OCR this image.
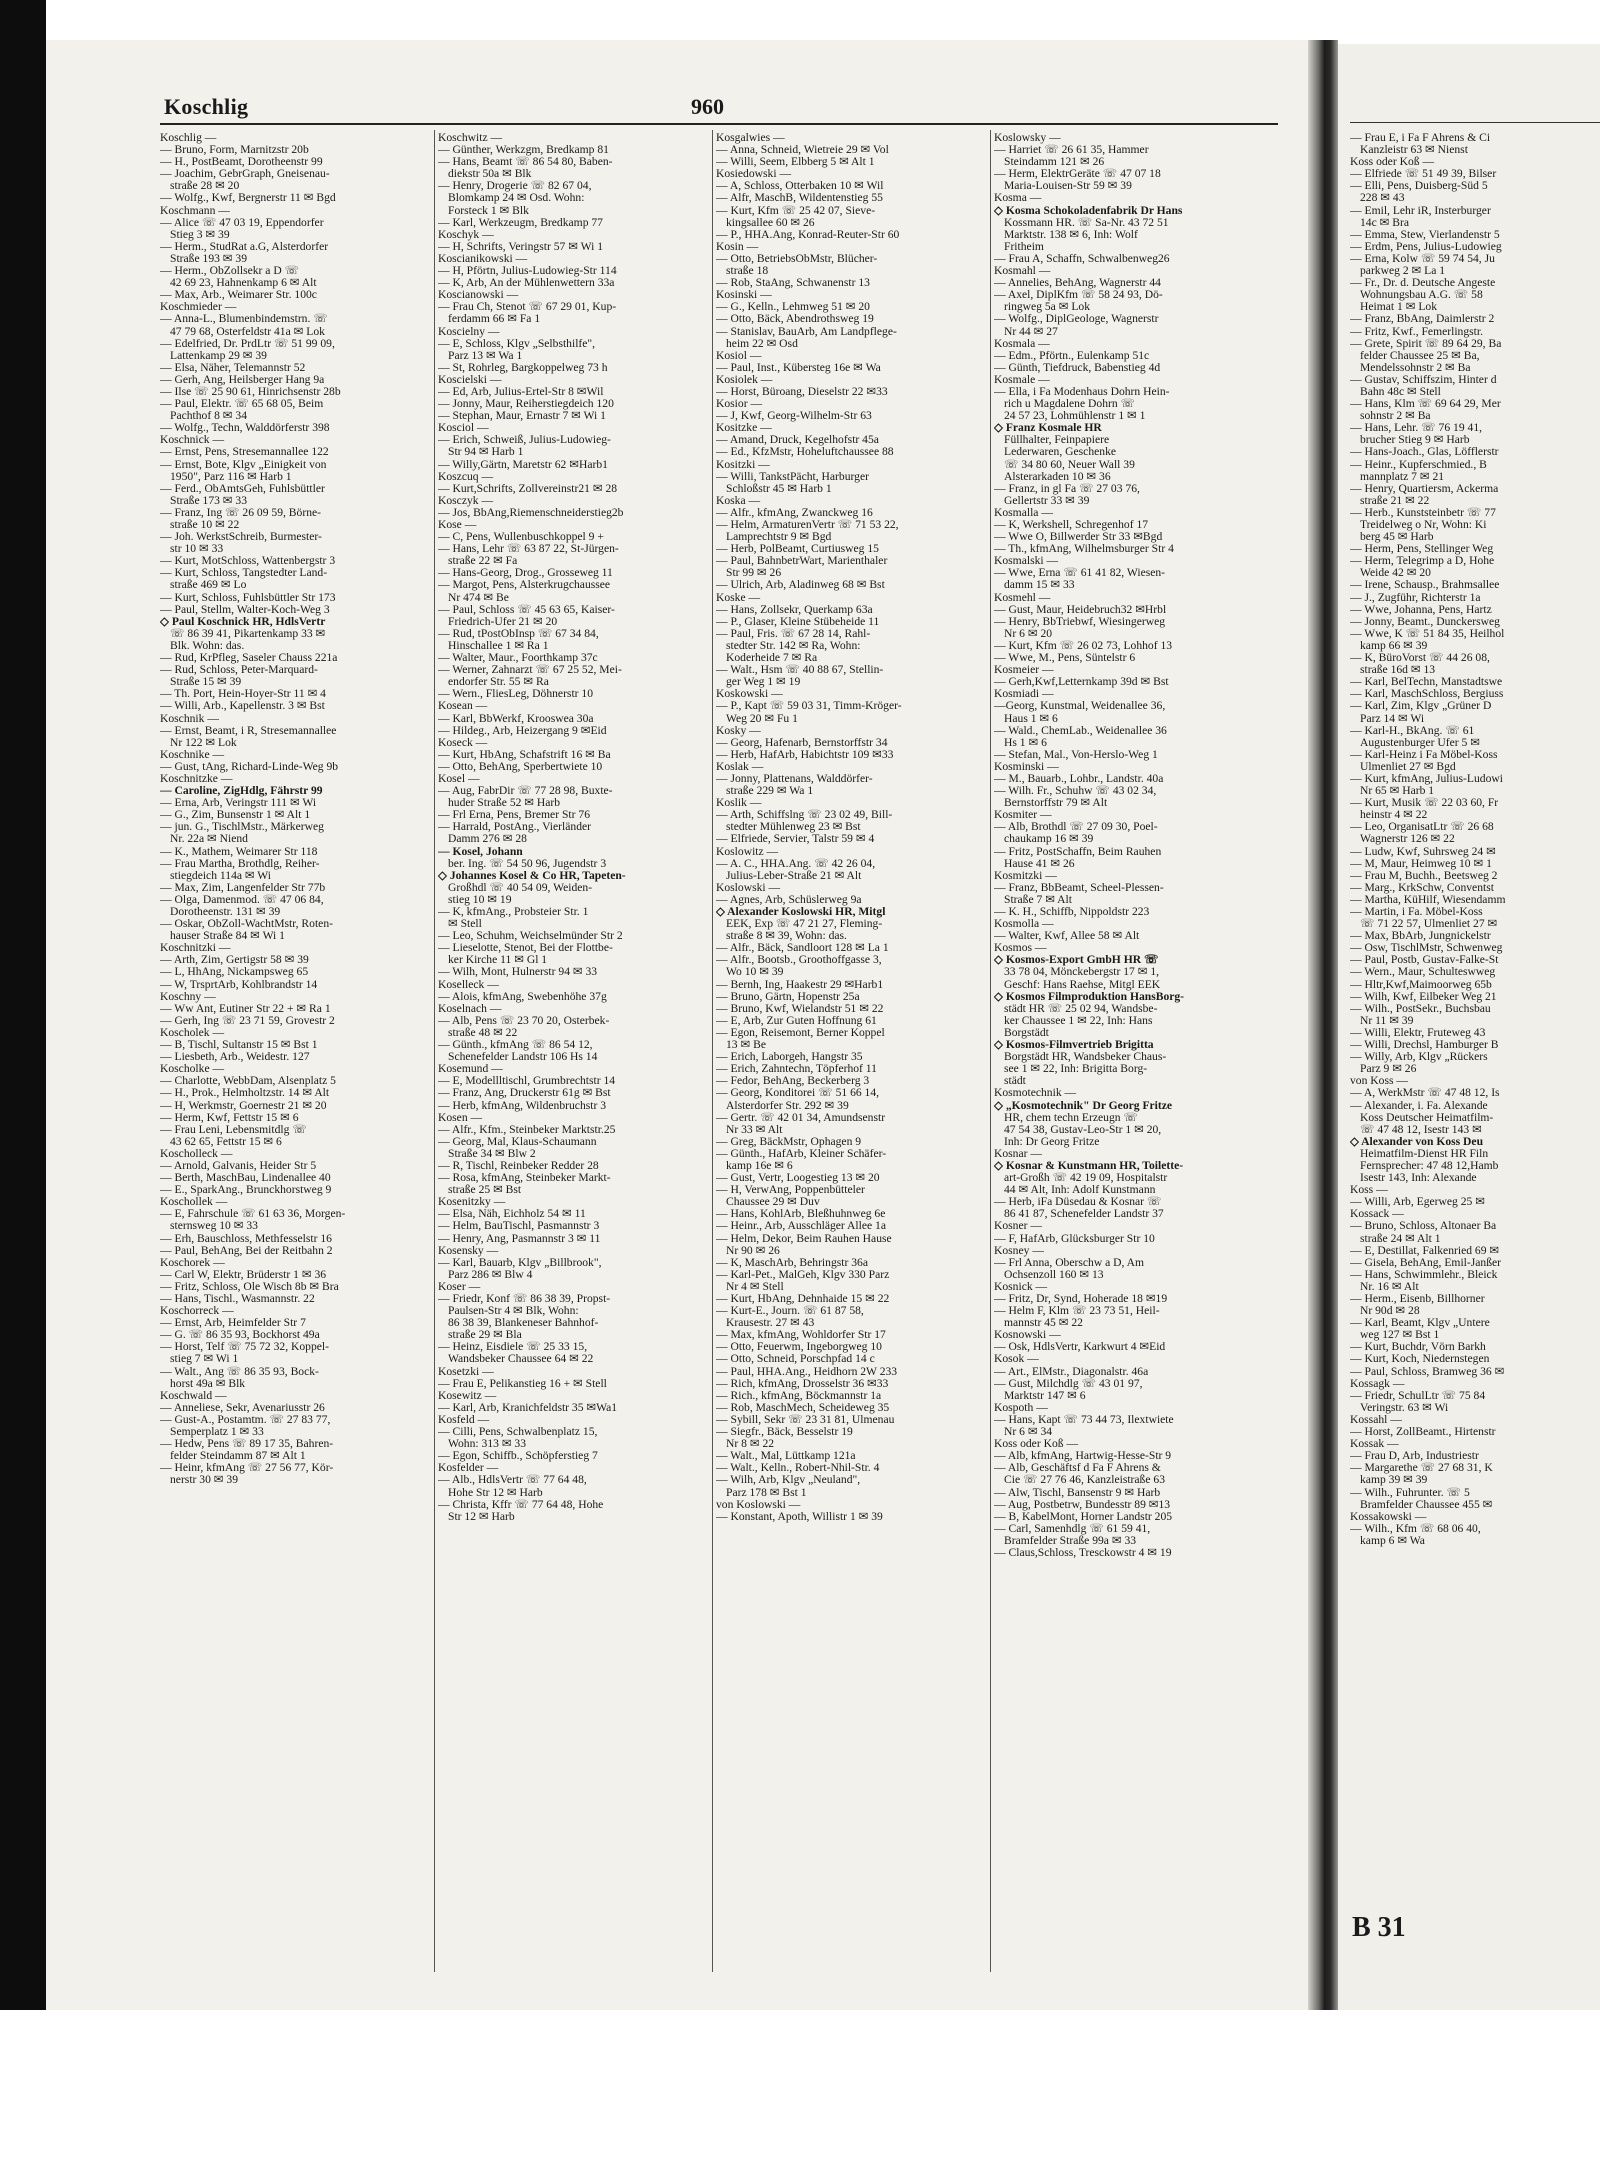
Koschlig	960
Koschlig —
— Bruno, Form, Marnitzstr 20b
— H., PostBeamt, Dorotheenstr 99
— Joachim, GebrGraph, Gneisenau-
straße 28 ✉ 20
— Wolfg., Kwf, Bergnerstr 11 ✉ Bgd
Koschmann —
— Alice ☏ 47 03 19, Eppendorfer
Stieg 3 ✉ 39
— Herm., StudRat a.G, Alsterdorfer
Straße 193 ✉ 39
— Herm., ObZollsekr a D ☏
42 69 23, Hahnenkamp 6 ✉ Alt
— Max, Arb., Weimarer Str. 100c
Koschmieder —
— Anna-L., Blumenbindemstrn. ☏
47 79 68, Osterfeldstr 41a ✉ Lok
— Edelfried, Dr. PrdLtr ☏ 51 99 09,
Lattenkamp 29 ✉ 39
— Elsa, Näher, Telemannstr 52
— Gerh, Ang, Heilsberger Hang 9a
— Ilse ☏ 25 90 61, Hinrichsenstr 28b
— Paul, Elektr. ☏ 65 68 05, Beim
Pachthof 8 ✉ 34
— Wolfg., Techn, Walddörferstr 398
Koschnick —
— Ernst, Pens, Stresemannallee 122
— Ernst, Bote, Klgv „Einigkeit von
1950", Parz 116 ✉ Harb 1
— Ferd., ObAmtsGeh, Fuhlsbüttler
Straße 173 ✉ 33
— Franz, Ing ☏ 26 09 59, Börne-
straße 10 ✉ 22
— Joh. WerkstSchreib, Burmester-
str 10 ✉ 33
— Kurt, MotSchloss, Wattenbergstr 3
— Kurt, Schloss, Tangstedter Land-
straße 469 ✉ Lo
— Kurt, Schloss, Fuhlsbüttler Str 173
— Paul, Stellm, Walter-Koch-Weg 3
◇ Paul Koschnick HR, HdlsVertr
☏ 86 39 41, Pikartenkamp 33 ✉
Blk. Wohn: das.
— Rud, KrPfleg, Saseler Chauss 221a
— Rud, Schloss, Peter-Marquard-
Straße 15 ✉ 39
— Th. Port, Hein-Hoyer-Str 11 ✉ 4
— Willi, Arb., Kapellenstr. 3 ✉ Bst
Koschnik —
— Ernst, Beamt, i R, Stresemannallee
Nr 122 ✉ Lok
Koschnike —
— Gust, tAng, Richard-Linde-Weg 9b
Koschnitzke —
— Caroline, ZigHdlg, Fährstr 99
— Erna, Arb, Veringstr 111 ✉ Wi
— G., Zim, Bunsenstr 1 ✉ Alt 1
— jun. G., TischlMstr., Märkerweg
Nr. 22a ✉ Niend
— K., Mathem, Weimarer Str 118
— Frau Martha, Brothdlg, Reiher-
stiegdeich 114a ✉ Wi
— Max, Zim, Langenfelder Str 77b
— Olga, Damenmod. ☏ 47 06 84,
Dorotheenstr. 131 ✉ 39
— Oskar, ObZoll-WachtMstr, Roten-
hauser Straße 84 ✉ Wi 1
Koschnitzki —
— Arth, Zim, Gertigstr 58 ✉ 39
— L, HhAng, Nickampsweg 65
— W, TrsprtArb, Kohlbrandstr 14
Koschny —
— Ww Ant, Eutiner Str 22 + ✉ Ra 1
— Gerh, Ing ☏ 23 71 59, Grovestr 2
Koscholek —
— B, Tischl, Sultanstr 15 ✉ Bst 1
— Liesbeth, Arb., Weidestr. 127
Koscholke —
— Charlotte, WebbDam, Alsenplatz 5
— H., Prok., Helmholtzstr. 14 ✉ Alt
— H, Werkmstr, Goernestr 21 ✉ 20
— Herm, Kwf, Fettstr 15 ✉ 6
— Frau Leni, Lebensmitdlg ☏
43 62 65, Fettstr 15 ✉ 6
Koscholleck —
— Arnold, Galvanis, Heider Str 5
— Berth, MaschBau, Lindenallee 40
— E., SparkAng., Brunckhorstweg 9
Koschollek —
— E, Fahrschule ☏ 61 63 36, Morgen-
sternsweg 10 ✉ 33
— Erh, Bauschloss, Methfesselstr 16
— Paul, BehAng, Bei der Reitbahn 2
Koschorek —
— Carl W, Elektr, Brüderstr 1 ✉ 36
— Fritz, Schloss, Ole Wisch 8b ✉ Bra
— Hans, Tischl., Wasmannstr. 22
Koschorreck —
— Ernst, Arb, Heimfelder Str 7
— G. ☏ 86 35 93, Bockhorst 49a
— Horst, Telf ☏ 75 72 32, Koppel-
stieg 7 ✉ Wi 1
— Walt., Ang ☏ 86 35 93, Bock-
horst 49a ✉ Blk
Koschwald —
— Anneliese, Sekr, Avenariusstr 26
— Gust-A., Postamtm. ☏ 27 83 77,
Semperplatz 1 ✉ 33
— Hedw, Pens ☏ 89 17 35, Bahren-
felder Steindamm 87 ✉ Alt 1
— Heinr, kfmAng ☏ 27 56 77, Kör-
nerstr 30 ✉ 39
Koschwitz —
— Günther, Werkzgm, Bredkamp 81
— Hans, Beamt ☏ 86 54 80, Baben-
diekstr 50a ✉ Blk
— Henry, Drogerie ☏ 82 67 04,
Blomkamp 24 ✉ Osd. Wohn:
Forsteck 1 ✉ Blk
— Karl, Werkzeugm, Bredkamp 77
Koschyk —
— H, Schrifts, Veringstr 57 ✉ Wi 1
Koscianikowski —
— H, Pförtn, Julius-Ludowieg-Str 114
— K, Arb, An der Mühlenwettern 33a
Koscianowski —
— Frau Ch, Stenot ☏ 67 29 01, Kup-
ferdamm 66 ✉ Fa 1
Koscielny —
— E, Schloss, Klgv „Selbsthilfe",
Parz 13 ✉ Wa 1
— St, Rohrleg, Bargkoppelweg 73 h
Koscielski —
— Ed, Arb, Julius-Ertel-Str 8 ✉Wil
— Jonny, Maur, Reiherstiegdeich 120
— Stephan, Maur, Ernastr 7 ✉ Wi 1
Kosciol —
— Erich, Schweiß, Julius-Ludowieg-
Str 94 ✉ Harb 1
— Willy,Gärtn, Maretstr 62 ✉Harb1
Koszcuq —
— Kurt,Schrifts, Zollvereinstr21 ✉ 28
Kosczyk —
— Jos, BbAng,Riemenschneiderstieg2b
Kose —
— C, Pens, Wullenbuschkoppel 9 +
— Hans, Lehr ☏ 63 87 22, St-Jürgen-
straße 22 ✉ Fa
— Hans-Georg, Drog., Grosseweg 11
— Margot, Pens, Alsterkrugchaussee
Nr 474 ✉ Be
— Paul, Schloss ☏ 45 63 65, Kaiser-
Friedrich-Ufer 21 ✉ 20
— Rud, tPostObInsp ☏ 67 34 84,
Hinschallee 1 ✉ Ra 1
— Walter, Maur., Foorthkamp 37c
— Werner, Zahnarzt ☏ 67 25 52, Mei-
endorfer Str. 55 ✉ Ra
— Wern., FliesLeg, Döhnerstr 10
Kosean —
— Karl, BbWerkf, Krooswea 30a
— Hildeg., Arb, Heizergang 9 ✉Eid
Koseck —
— Kurt, HbAng, Schafstrift 16 ✉ Ba
— Otto, BehAng, Sperbertwiete 10
Kosel —
— Aug, FabrDir ☏ 77 28 98, Buxte-
huder Straße 52 ✉ Harb
— Frl Erna, Pens, Bremer Str 76
— Harrald, PostAng., Vierländer
Damm 276 ✉ 28
— Kosel, Johann
ber. Ing. ☏ 54 50 96, Jugendstr 3
◇ Johannes Kosel & Co HR, Tapeten-
Großhdl ☏ 40 54 09, Weiden-
stieg 10 ✉ 19
— K, kfmAng., Probsteier Str. 1
✉ Stell
— Leo, Schuhm, Weichselmünder Str 2
— Lieselotte, Stenot, Bei der Flottbe-
ker Kirche 11 ✉ Gl 1
— Wilh, Mont, Hulnerstr 94 ✉ 33
Koselleck —
— Alois, kfmAng, Swebenhöhe 37g
Koselnach —
— Alb, Pens ☏ 23 70 20, Osterbek-
straße 48 ✉ 22
— Günth., kfmAng ☏ 86 54 12,
Schenefelder Landstr 106 Hs 14
Kosemund —
— E, Modellltischl, Grumbrechtstr 14
— Franz, Ang, Druckerstr 61g ✉ Bst
— Herb, kfmAng, Wildenbruchstr 3
Kosen —
— Alfr., Kfm., Steinbeker Marktstr.25
— Georg, Mal, Klaus-Schaumann
Straße 34 ✉ Blw 2
— R, Tischl, Reinbeker Redder 28
— Rosa, kfmAng, Steinbeker Markt-
straße 25 ✉ Bst
Kosenitzky —
— Elsa, Näh, Eichholz 54 ✉ 11
— Helm, BauTischl, Pasmannstr 3
— Henry, Ang, Pasmannstr 3 ✉ 11
Kosensky —
— Karl, Bauarb, Klgv „Billbrook",
Parz 286 ✉ Blw 4
Koser —
— Friedr, Konf ☏ 86 38 39, Propst-
Paulsen-Str 4 ✉ Blk, Wohn:
86 38 39, Blankeneser Bahnhof-
straße 29 ✉ Bla
— Heinz, Eisdiele ☏ 25 33 15,
Wandsbeker Chaussee 64 ✉ 22
Kosetzki —
— Frau E, Pelikanstieg 16 + ✉ Stell
Kosewitz —
— Karl, Arb, Kranichfeldstr 35 ✉Wa1
Kosfeld —
— Cilli, Pens, Schwalbenplatz 15,
Wohn: 313 ✉ 33
— Egon, Schiffb., Schöpferstieg 7
Kosfelder —
— Alb., HdlsVertr ☏ 77 64 48,
Hohe Str 12 ✉ Harb
— Christa, Kffr ☏ 77 64 48, Hohe
Str 12 ✉ Harb
Kosgalwies —
— Anna, Schneid, Wietreie 29 ✉ Vol
— Willi, Seem, Elbberg 5 ✉ Alt 1
Kosiedowski —
— A, Schloss, Otterbaken 10 ✉ Wil
— Alfr, MaschB, Wildentenstieg 55
— Kurt, Kfm ☏ 25 42 07, Sieve-
kingsallee 60 ✉ 26
— P., HHA.Ang, Konrad-Reuter-Str 60
Kosin —
— Otto, BetriebsObMstr, Blücher-
straße 18
— Rob, StaAng, Schwanenstr 13
Kosinski —
— G., Kelln., Lehmweg 51 ✉ 20
— Otto, Bäck, Abendrothsweg 19
— Stanislav, BauArb, Am Landpflege-
heim 22 ✉ Osd
Kosiol —
— Paul, Inst., Kübersteg 16e ✉ Wa
Kosiolek —
— Horst, Büroang, Dieselstr 22 ✉33
Kosior —
— J, Kwf, Georg-Wilhelm-Str 63
Kositzke —
— Amand, Druck, Kegelhofstr 45a
— Ed., KfzMstr, Hoheluftchaussee 88
Kositzki —
— Willi, TankstPächt, Harburger
Schloßstr 45 ✉ Harb 1
Koska —
— Alfr., kfmAng, Zwanckweg 16
— Helm, ArmaturenVertr ☏ 71 53 22,
Lamprechtstr 9 ✉ Bgd
— Herb, PolBeamt, Curtiusweg 15
— Paul, BahnbetrWart, Marienthaler
Str 99 ✉ 26
— Ulrich, Arb, Aladinweg 68 ✉ Bst
Koske —
— Hans, Zollsekr, Querkamp 63a
— P., Glaser, Kleine Stübeheide 11
— Paul, Fris. ☏ 67 28 14, Rahl-
stedter Str. 142 ✉ Ra, Wohn:
Koderheide 7 ✉ Ra
— Walt., Hsm ☏ 40 88 67, Stellin-
ger Weg 1 ✉ 19
Koskowski —
— P., Kapt ☏ 59 03 31, Timm-Kröger-
Weg 20 ✉ Fu 1
Kosky —
— Georg, Hafenarb, Bernstorffstr 34
— Herb, HafArb, Habichtstr 109 ✉33
Koslak —
— Jonny, Plattenans, Walddörfer-
straße 229 ✉ Wa 1
Koslik —
— Arth, Schiffslng ☏ 23 02 49, Bill-
stedter Mühlenweg 23 ✉ Bst
— Elfriede, Servier, Talstr 59 ✉ 4
Koslowitz —
— A. C., HHA.Ang. ☏ 42 26 04,
Julius-Leber-Straße 21 ✉ Alt
Koslowski —
— Agnes, Arb, Schüslerweg 9a
◇ Alexander Koslowski HR, Mitgl
EEK, Exp ☏ 47 21 27, Fleming-
straße 8 ✉ 39, Wohn: das.
— Alfr., Bäck, Sandloort 128 ✉ La 1
— Alfr., Bootsb., Groothoffgasse 3,
Wo 10 ✉ 39
— Bernh, Ing, Haakestr 29 ✉Harb1
— Bruno, Gärtn, Hopenstr 25a
— Bruno, Kwf, Wielandstr 51 ✉ 22
— E, Arb, Zur Guten Hoffnung 61
— Egon, Reisemont, Berner Koppel
13 ✉ Be
— Erich, Laborgeh, Hangstr 35
— Erich, Zahntechn, Töpferhof 11
— Fedor, BehAng, Beckerberg 3
— Georg, Konditorei ☏ 51 66 14,
Alsterdorfer Str. 292 ✉ 39
— Gertr. ☏ 42 01 34, Amundsenstr
Nr 33 ✉ Alt
— Greg, BäckMstr, Ophagen 9
— Günth., HafArb, Kleiner Schäfer-
kamp 16e ✉ 6
— Gust, Vertr, Loogestieg 13 ✉ 20
— H, VerwAng, Poppenbütteler
Chaussee 29 ✉ Duv
— Hans, KohlArb, Bleßhuhnweg 6e
— Heinr., Arb, Ausschläger Allee 1a
— Helm, Dekor, Beim Rauhen Hause
Nr 90 ✉ 26
— K, MaschArb, Behringstr 36a
— Karl-Pet., MalGeh, Klgv 330 Parz
Nr 4 ✉ Stell
— Kurt, HbAng, Dehnhaide 15 ✉ 22
— Kurt-E., Journ. ☏ 61 87 58,
Krausestr. 27 ✉ 43
— Max, kfmAng, Wohldorfer Str 17
— Otto, Feuerwm, Ingeborgweg 10
— Otto, Schneid, Porschpfad 14 c
— Paul, HHA.Ang., Heidhorn 2W 233
— Rich, kfmAng, Drosselstr 36 ✉33
— Rich., kfmAng, Böckmannstr 1a
— Rob, MaschMech, Scheideweg 35
— Sybill, Sekr ☏ 23 31 81, Ulmenau
— Siegfr., Bäck, Besselstr 19
Nr 8 ✉ 22
— Walt., Mal, Lüttkamp 121a
— Walt., Kelln., Robert-Nhil-Str. 4
— Wilh, Arb, Klgv „Neuland",
Parz 178 ✉ Bst 1
von Koslowski —
— Konstant, Apoth, Willistr 1 ✉ 39
Koslowsky —
— Harriet ☏ 26 61 35, Hammer
Steindamm 121 ✉ 26
— Herm, ElektrGeräte ☏ 47 07 18
Maria-Louisen-Str 59 ✉ 39
Kosma —
◇ Kosma Schokoladenfabrik Dr Hans
Kossmann HR. ☏ Sa-Nr. 43 72 51
Marktstr. 138 ✉ 6, Inh: Wolf
Fritheim
— Frau A, Schaffn, Schwalbenweg26
Kosmahl —
— Annelies, BehAng, Wagnerstr 44
— Axel, DiplKfm ☏ 58 24 93, Dö-
ringweg 5a ✉ Lok
— Wolfg., DiplGeologe, Wagnerstr
Nr 44 ✉ 27
Kosmala —
— Edm., Pförtn., Eulenkamp 51c
— Günth, Tiefdruck, Babenstieg 4d
Kosmale —
— Ella, i Fa Modenhaus Dohrn Hein-
rich u Magdalene Dohrn ☏
24 57 23, Lohmühlenstr 1 ✉ 1
◇ Franz Kosmale HR
Füllhalter, Feinpapiere
Lederwaren, Geschenke
☏ 34 80 60, Neuer Wall 39
Alsterarkaden 10 ✉ 36
— Franz, in gl Fa ☏ 27 03 76,
Gellertstr 33 ✉ 39
Kosmalla —
— K, Werkshell, Schregenhof 17
— Wwe O, Billwerder Str 33 ✉Bgd
— Th., kfmAng, Wilhelmsburger Str 4
Kosmalski —
— Wwe, Erna ☏ 61 41 82, Wiesen-
damm 15 ✉ 33
Kosmehl —
— Gust, Maur, Heidebruch32 ✉Hrbl
— Henry, BbTriebwf, Wiesingerweg
Nr 6 ✉ 20
— Kurt, Kfm ☏ 26 02 73, Lohhof 13
— Wwe, M., Pens, Süntelstr 6
Kosmeier —
— Gerh,Kwf,Letternkamp 39d ✉ Bst
Kosmiadi —
—Georg, Kunstmal, Weidenallee 36,
Haus 1 ✉ 6
— Wald., ChemLab., Weidenallee 36
Hs 1 ✉ 6
— Stefan, Mal., Von-Herslo-Weg 1
Kosminski —
— M., Bauarb., Lohbr., Landstr. 40a
— Wilh. Fr., Schuhw ☏ 43 02 34,
Bernstorffstr 79 ✉ Alt
Kosmiter —
— Alb, Brothdl ☏ 27 09 30, Poel-
chaukamp 16 ✉ 39
— Fritz, PostSchaffn, Beim Rauhen
Hause 41 ✉ 26
Kosmitzki —
— Franz, BbBeamt, Scheel-Plessen-
Straße 7 ✉ Alt
— K. H., Schiffb, Nippoldstr 223
Kosmolla —
— Walter, Kwf, Allee 58 ✉ Alt
Kosmos —
◇ Kosmos-Export GmbH HR ☏
33 78 04, Mönckebergstr 17 ✉ 1,
Geschf: Hans Raehse, Mitgl EEK
◇ Kosmos Filmproduktion HansBorg-
städt HR ☏ 25 02 94, Wandsbe-
ker Chaussee 1 ✉ 22, Inh: Hans
Borgstädt
◇ Kosmos-Filmvertrieb Brigitta
Borgstädt HR, Wandsbeker Chaus-
see 1 ✉ 22, Inh: Brigitta Borg-
städt
Kosmotechnik —
◇ „Kosmotechnik" Dr Georg Fritze
HR, chem techn Erzeugn ☏
47 54 38, Gustav-Leo-Str 1 ✉ 20,
Inh: Dr Georg Fritze
Kosnar —
◇ Kosnar & Kunstmann HR, Toilette-
art-Großh ☏ 42 19 09, Hospitalstr
44 ✉ Alt, Inh: Adolf Kunstmann
— Herb, iFa Düsedau & Kosnar ☏
86 41 87, Schenefelder Landstr 37
Kosner —
— F, HafArb, Glücksburger Str 10
Kosney —
— Frl Anna, Oberschw a D, Am
Ochsenzoll 160 ✉ 13
Kosnick —
— Fritz, Dr, Synd, Hoherade 18 ✉19
— Helm F, Klm ☏ 23 73 51, Heil-
mannstr 45 ✉ 22
Kosnowski —
— Osk, HdlsVertr, Karkwurt 4 ✉Eid
Kosok —
— Art., ElMstr., Diagonalstr. 46a
— Gust, Milchdlg ☏ 43 01 97,
Marktstr 147 ✉ 6
Kospoth —
— Hans, Kapt ☏ 73 44 73, Ilextwiete
Nr 6 ✉ 34
Koss oder Koß —
— Alb, kfmAng, Hartwig-Hesse-Str 9
— Alb, Geschäftsf d Fa F Ahrens &
Cie ☏ 27 76 46, Kanzleistraße 63
— Alw, Tischl, Bansenstr 9 ✉ Harb
— Aug, Postbetrw, Bundesstr 89 ✉13
— B, KabelMont, Horner Landstr 205
— Carl, Samenhdlg ☏ 61 59 41,
Bramfelder Straße 99a ✉ 33
— Claus,Schloss, Tresckowstr 4 ✉ 19
— Frau E, i Fa F Ahrens & Ci
Kanzleistr 63 ✉ Nienst
Koss oder Koß —
— Elfriede ☏ 51 49 39, Bilser
— Elli, Pens, Duisberg-Süd 5
228 ✉ 43
— Emil, Lehr iR, Insterburger
14c ✉ Bra
— Emma, Stew, Vierlandenstr 5
— Erdm, Pens, Julius-Ludowieg
— Erna, Kolw ☏ 59 74 54, Ju
parkweg 2 ✉ La 1
— Fr., Dr. d. Deutsche Angeste
Wohnungsbau A.G. ☏ 58
Heimat 1 ✉ Lok
— Franz, BbAng, Daimlerstr 2
— Fritz, Kwf., Femerlingstr.
— Grete, Spirit ☏ 89 64 29, Ba
felder Chaussee 25 ✉ Ba,
Mendelssohnstr 2 ✉ Ba
— Gustav, Schiffszim, Hinter d
Bahn 48c ✉ Stell
— Hans, Klm ☏ 69 64 29, Mer
sohnstr 2 ✉ Ba
— Hans, Lehr. ☏ 76 19 41,
brucher Stieg 9 ✉ Harb
— Hans-Joach., Glas, Löfflerstr
— Heinr., Kupferschmied., B
mannplatz 7 ✉ 21
— Henry, Quartiersm, Ackerma
straße 21 ✉ 22
— Herb., Kunststeinbetr ☏ 77
Treidelweg o Nr, Wohn: Ki
berg 45 ✉ Harb
— Herm, Pens, Stellinger Weg
— Herm, Telegrimp a D, Hohe
Weide 42 ✉ 20
— Irene, Schausp., Brahmsallee
— J., Zugführ, Richterstr 1a
— Wwe, Johanna, Pens, Hartz
— Jonny, Beamt., Dunckersweg
— Wwe, K ☏ 51 84 35, Heilhol
kamp 66 ✉ 39
— K, BüroVorst ☏ 44 26 08,
straße 16d ✉ 13
— Karl, BelTechn, Manstadtswe
— Karl, MaschSchloss, Bergiuss
— Karl, Zim, Klgv „Grüner D
Parz 14 ✉ Wi
— Karl-H., BkAng. ☏ 61
Augustenburger Ufer 5 ✉
— Karl-Heinz i Fa Möbel-Koss
Ulmenliet 27 ✉ Bgd
— Kurt, kfmAng, Julius-Ludowi
Nr 65 ✉ Harb 1
— Kurt, Musik ☏ 22 03 60, Fr
heinstr 4 ✉ 22
— Leo, OrganisatLtr ☏ 26 68
Wagnerstr 126 ✉ 22
— Ludw, Kwf, Suhrsweg 24 ✉
— M, Maur, Heimweg 10 ✉ 1
— Frau M, Buchh., Beetsweg 2
— Marg., KrkSchw, Conventst
— Martha, KüHilf, Wiesendamm
— Martin, i Fa. Möbel-Koss
☏ 71 22 57, Ulmenliet 27 ✉
— Max, BbArb, Jungnickelstr
— Osw, TischlMstr, Schwenweg
— Paul, Postb, Gustav-Falke-St
— Wern., Maur, Schulteswweg
— Hltr,Kwf,Maimoorweg 65b
— Wilh, Kwf, Eilbeker Weg 21
— Wilh., PostSekr., Buchsbau
Nr 11 ✉ 39
— Willi, Elektr, Fruteweg 43
— Willi, Drechsl, Hamburger B
— Willy, Arb, Klgv „Rückers
Parz 9 ✉ 26
von Koss —
— A, WerkMstr ☏ 47 48 12, Is
— Alexander, i. Fa. Alexande
Koss Deutscher Heimatfilm-
☏ 47 48 12, Isestr 143 ✉
◇ Alexander von Koss Deu
Heimatfilm-Dienst HR Filn
Fernsprecher: 47 48 12,Hamb
Isestr 143, Inh: Alexande
Koss —
— Willi, Arb, Egerweg 25 ✉
Kossack —
— Bruno, Schloss, Altonaer Ba
straße 24 ✉ Alt 1
— E, Destillat, Falkenried 69 ✉
— Gisela, BehAng, Emil-Janßer
— Hans, Schwimmlehr., Bleick
Nr. 16 ✉ Alt
— Herm., Eisenb, Billhorner
Nr 90d ✉ 28
— Karl, Beamt, Klgv „Untere
weg 127 ✉ Bst 1
— Kurt, Buchdr, Vörn Barkh
— Kurt, Koch, Niedernstegen
— Paul, Schloss, Bramweg 36 ✉
Kossagk —
— Friedr, SchulLtr ☏ 75 84
Veringstr. 63 ✉ Wi
Kossahl —
— Horst, ZollBeamt., Hirtenstr
Kossak —
— Frau D, Arb, Industriestr
— Margarethe ☏ 27 68 31, K
kamp 39 ✉ 39
— Wilh., Fuhrunter. ☏ 5
Bramfelder Chaussee 455 ✉
Kossakowski —
— Wilh., Kfm ☏ 68 06 40,
kamp 6 ✉ Wa
B 31
